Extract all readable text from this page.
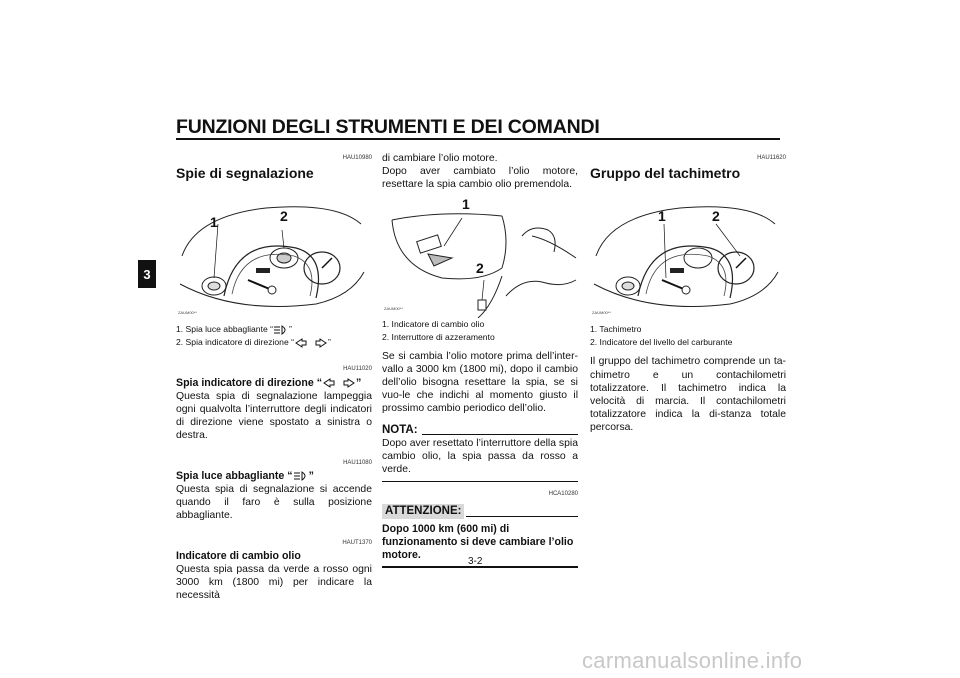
FUNZIONI DEGLI STRUMENTI E DEI COMANDI
3
HAU10980
Spie di segnalazione
1	2
ZAUM00**
1. Spia luce abbagliante “ ”
2. Spia indicatore di direzione “	”
HAU11020
Spia indicatore di direzione “	”
Questa spia di segnalazione lampeggia ogni qualvolta l’interruttore degli indicatori di direzione viene spostato a sinistra o destra.
HAU11080
Spia luce abbagliante “ ”
Questa spia di segnalazione si accende quando il faro è sulla posizione abbagliante.
HAUT1370
Indicatore di cambio olio
Questa spia passa da verde a rosso ogni 3000 km (1800 mi) per indicare la necessità
di cambiare l’olio motore.
Dopo aver cambiato l’olio motore, resettare la spia cambio olio premendola.
1
2
ZAUM00**
1. Indicatore di cambio olio
2. Interruttore di azzeramento
Se si cambia l’olio motore prima dell’inter-vallo a 3000 km (1800 mi), dopo il cambio dell’olio bisogna resettare la spia, se si vuo-le che indichi al momento giusto il prossimo cambio periodico dell’olio.
NOTA:
Dopo aver resettato l’interruttore della spia cambio olio, la spia passa da rosso a verde.
HCA10280
ATTENZIONE:
Dopo 1000 km (600 mi) di funzionamento si deve cambiare l’olio motore.
HAU11620
Gruppo del tachimetro
1	2
ZAUM00**
1. Tachimetro
2. Indicatore del livello del carburante
Il gruppo del tachimetro comprende un ta-chimetro e un contachilometri totalizzatore. Il tachimetro indica la velocità di marcia. Il contachilometri totalizzatore indica la di-stanza totale percorsa.
3-2
carmanualsonline.info
